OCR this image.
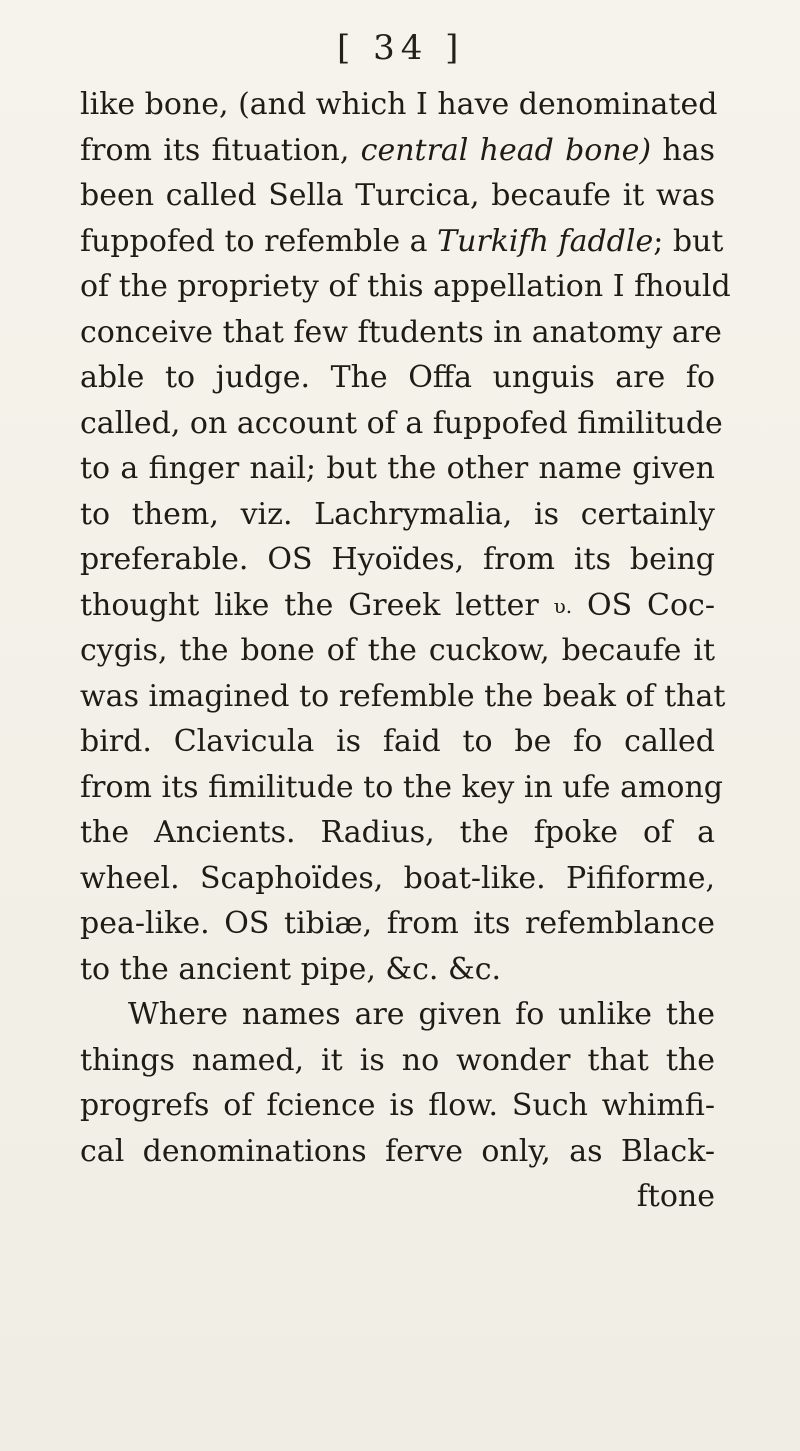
[ 34 ]
like bone, (and which I have denominated
from its fituation, central head bone) has
been called Sella Turcica, becaufe it was
fuppofed to refemble a Turkifh faddle; but
of the propriety of this appellation I fhould
conceive that few ftudents in anatomy are
able to judge. The Offa unguis are fo
called, on account of a fuppofed fimilitude
to a finger nail; but the other name given
to them, viz. Lachrymalia, is certainly
preferable. OS Hyoïdes, from its being
thought like the Greek letter υ. OS Coc-
cygis, the bone of the cuckow, becaufe it
was imagined to refemble the beak of that
bird. Clavicula is faid to be fo called
from its fimilitude to the key in ufe among
the Ancients. Radius, the fpoke of a
wheel. Scaphoïdes, boat-like. Pififorme,
pea-like. OS tibiæ, from its refemblance
to the ancient pipe, &c. &c.
Where names are given fo unlike the
things named, it is no wonder that the
progrefs of fcience is flow. Such whimfi-
cal denominations ferve only, as Black-
ftone
